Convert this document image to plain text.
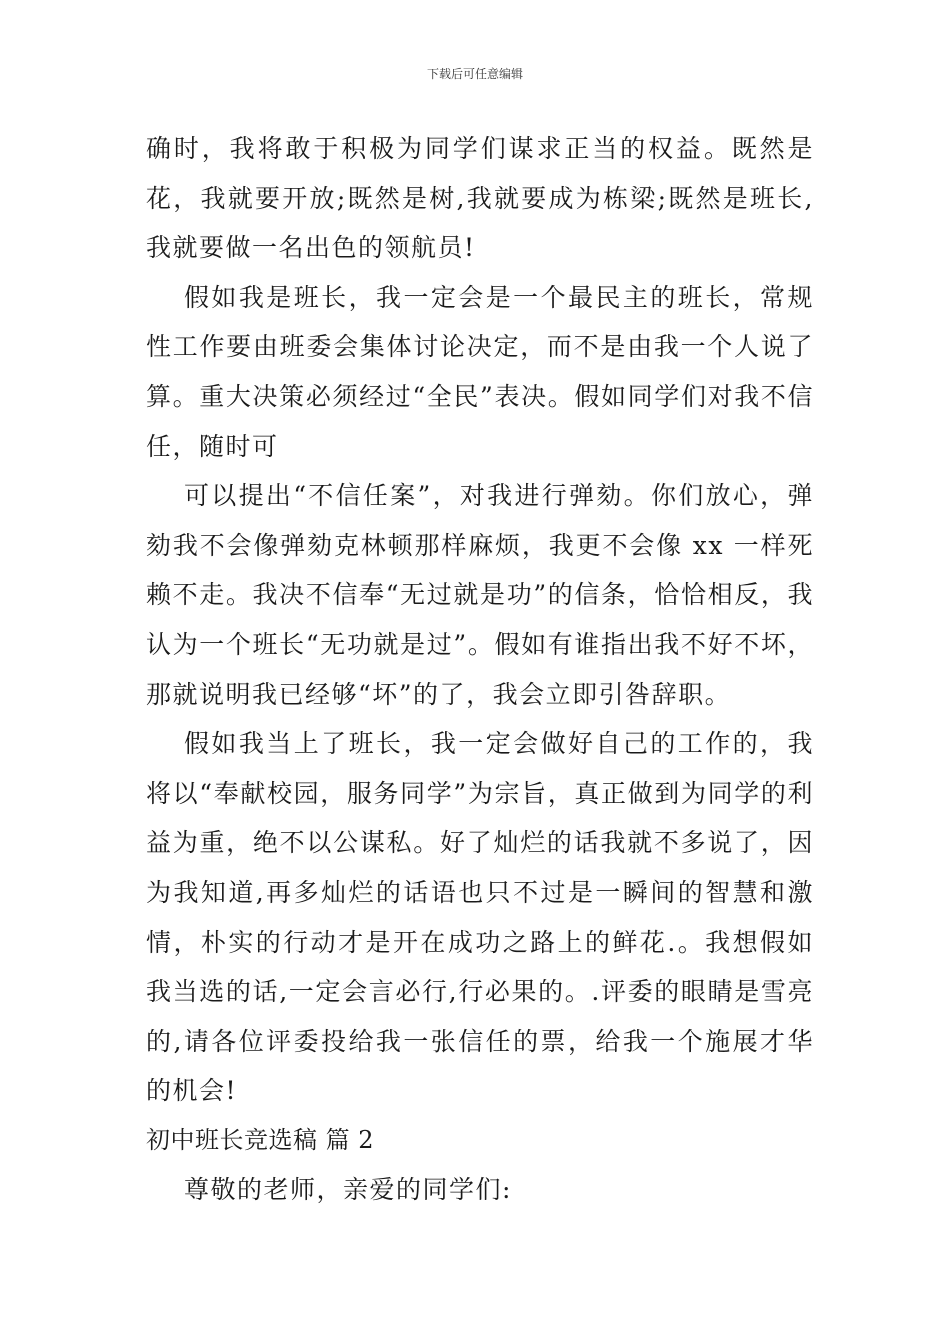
下载后可任意编辑

确时，我将敢于积极为同学们谋求正当的权益。既然是花，我就要开放;既然是树,我就要成为栋梁;既然是班长,我就要做一名出色的领航员!

假如我是班长，我一定会是一个最民主的班长，常规性工作要由班委会集体讨论决定，而不是由我一个人说了算。重大决策必须经过“全民”表决。假如同学们对我不信任，随时可

可以提出“不信任案”，对我进行弹劾。你们放心，弹劾我不会像弹劾克林顿那样麻烦，我更不会像 xx 一样死赖不走。我决不信奉“无过就是功”的信条，恰恰相反，我认为一个班长“无功就是过”。假如有谁指出我不好不坏，那就说明我已经够“坏”的了，我会立即引咎辞职。

假如我当上了班长，我一定会做好自己的工作的，我将以“奉献校园，服务同学”为宗旨，真正做到为同学的利益为重，绝不以公谋私。好了灿烂的话我就不多说了，因为我知道,再多灿烂的话语也只不过是一瞬间的智慧和激情，朴实的行动才是开在成功之路上的鲜花.。我想假如我当选的话,一定会言必行,行必果的。.评委的眼睛是雪亮的,请各位评委投给我一张信任的票，给我一个施展才华的机会!

初中班长竞选稿 篇 2

尊敬的老师，亲爱的同学们:
